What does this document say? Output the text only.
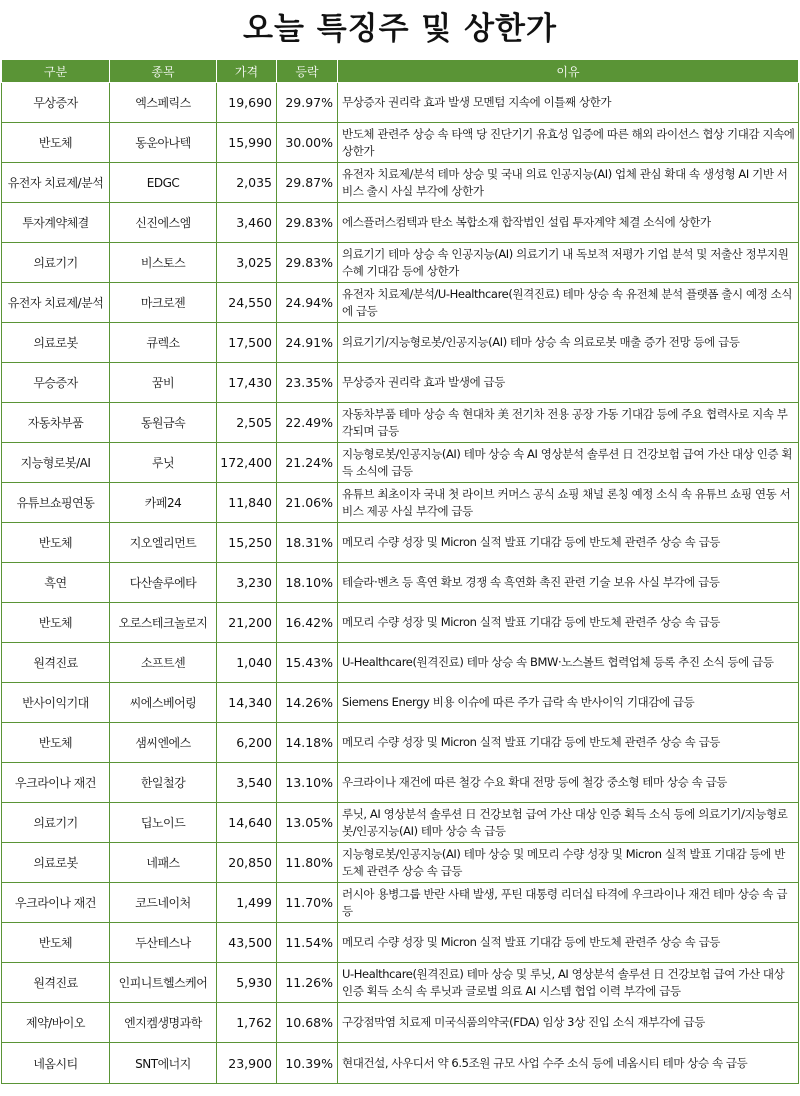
오늘 특징주 및 상한가
구분	종목	가격	등락	이유
무상증자	엑스페릭스	19,690	29.97%	무상증자 권리락 효과 발생 모멘텀 지속에 이틀째 상한가
반도체	동운아나텍	15,990	30.00%	반도체 관련주 상승 속 타액 당 진단기기 유효성 입증에 따른 해외 라이선스 협상 기대감 지속에 상한가
유전자 치료제/분석	EDGC	2,035	29.87%	유전자 치료제/분석 테마 상승 및 국내 의료 인공지능(AI) 업체 관심 확대 속 생성형 AI 기반 서비스 출시 사실 부각에 상한가
투자계약체결	신진에스엠	3,460	29.83%	에스플러스컴텍과 탄소 복합소재 합작법인 설립 투자계약 체결 소식에 상한가
의료기기	비스토스	3,025	29.83%	의료기기 테마 상승 속 인공지능(AI) 의료기기 내 독보적 저평가 기업 분석 및 저출산 정부지원 수혜 기대감 등에 상한가
유전자 치료제/분석	마크로젠	24,550	24.94%	유전자 치료제/분석/U-Healthcare(원격진료) 테마 상승 속 유전체 분석 플랫폼 출시 예정 소식에 급등
의료로봇	큐렉소	17,500	24.91%	의료기기/지능형로봇/인공지능(AI) 테마 상승 속 의료로봇 매출 증가 전망 등에 급등
무승증자	꿈비	17,430	23.35%	무상증자 권리락 효과 발생에 급등
자동차부품	동원금속	2,505	22.49%	자동차부품 테마 상승 속 현대차 美 전기차 전용 공장 가동 기대감 등에 주요 협력사로 지속 부각되며 급등
지능형로봇/AI	루닛	172,400	21.24%	지능형로봇/인공지능(AI) 테마 상승 속 AI 영상분석 솔루션 日 건강보험 급여 가산 대상 인증 획득 소식에 급등
유튜브쇼핑연동	카페24	11,840	21.06%	유튜브 최초이자 국내 첫 라이브 커머스 공식 쇼핑 채널 론칭 예정 소식 속 유튜브 쇼핑 연동 서비스 제공 사실 부각에 급등
반도체	지오엘리먼트	15,250	18.31%	메모리 수량 성장 및 Micron 실적 발표 기대감 등에 반도체 관련주 상승 속 급등
흑연	다산솔루에타	3,230	18.10%	테슬라·벤츠 등 흑연 확보 경쟁 속 흑연화 촉진 관련 기술 보유 사실 부각에 급등
반도체	오로스테크놀로지	21,200	16.42%	메모리 수량 성장 및 Micron 실적 발표 기대감 등에 반도체 관련주 상승 속 급등
원격진료	소프트센	1,040	15.43%	U-Healthcare(원격진료) 테마 상승 속 BMW·노스볼트 협력업체 등록 추진 소식 등에 급등
반사이익기대	씨에스베어링	14,340	14.26%	Siemens Energy 비용 이슈에 따른 주가 급락 속 반사이익 기대감에 급등
반도체	샘씨엔에스	6,200	14.18%	메모리 수량 성장 및 Micron 실적 발표 기대감 등에 반도체 관련주 상승 속 급등
우크라이나 재건	한일철강	3,540	13.10%	우크라이나 재건에 따른 철강 수요 확대 전망 등에 철강 중소형 테마 상승 속 급등
의료기기	딥노이드	14,640	13.05%	루닛, AI 영상분석 솔루션 日 건강보험 급여 가산 대상 인증 획득 소식 등에 의료기기/지능형로봇/인공지능(AI) 테마 상승 속 급등
의료로봇	네패스	20,850	11.80%	지능형로봇/인공지능(AI) 테마 상승 및 메모리 수량 성장 및 Micron 실적 발표 기대감 등에 반도체 관련주 상승 속 급등
우크라이나 재건	코드네이처	1,499	11.70%	러시아 용병그룹 반란 사태 발생, 푸틴 대통령 리더십 타격에 우크라이나 재건 테마 상승 속 급등
반도체	두산테스나	43,500	11.54%	메모리 수량 성장 및 Micron 실적 발표 기대감 등에 반도체 관련주 상승 속 급등
원격진료	인피니트헬스케어	5,930	11.26%	U-Healthcare(원격진료) 테마 상승 및 루닛, AI 영상분석 솔루션 日 건강보험 급여 가산 대상 인증 획득 소식 속 루닛과 글로벌 의료 AI 시스템 협업 이력 부각에 급등
제약/바이오	엔지켐생명과학	1,762	10.68%	구강점막염 치료제 미국식품의약국(FDA) 임상 3상 진입 소식 재부각에 급등
네옴시티	SNT에너지	23,900	10.39%	현대건설, 사우디서 약 6.5조원 규모 사업 수주 소식 등에 네옴시티 테마 상승 속 급등
